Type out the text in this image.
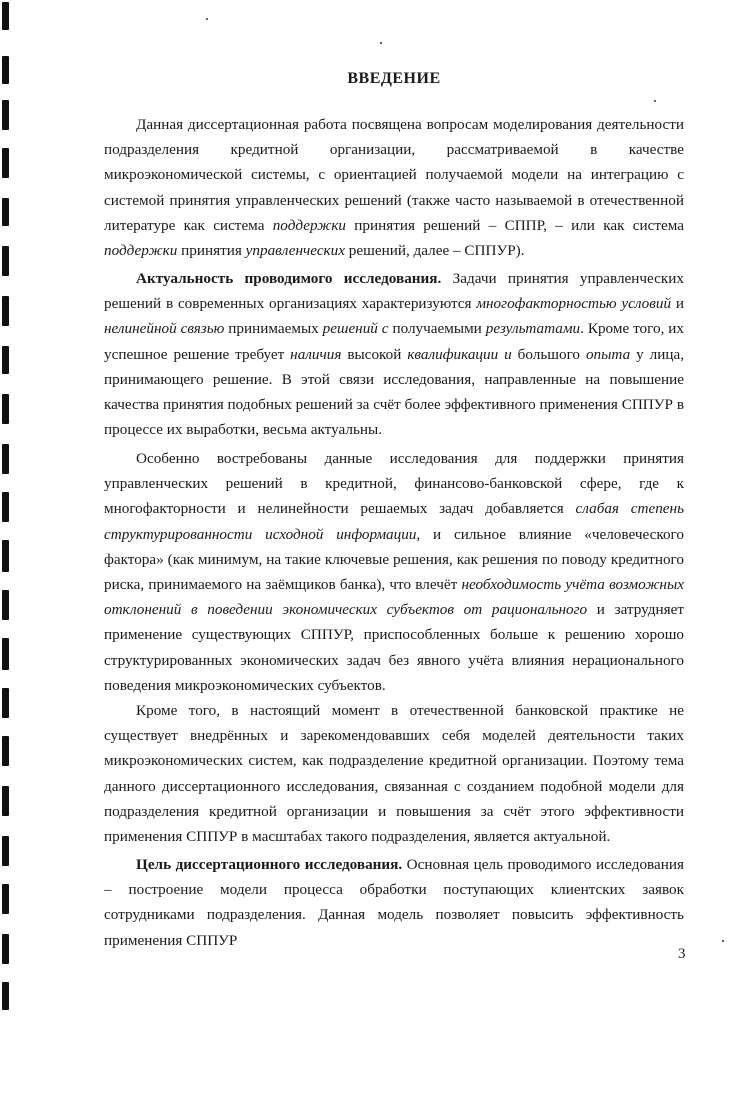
ВВЕДЕНИЕ

Данная диссертационная работа посвящена вопросам моделирования деятельности подразделения кредитной организации, рассматриваемой в качестве микроэкономической системы, с ориентацией получаемой модели на интеграцию с системой принятия управленческих решений (также часто называемой в отечественной литературе как система поддержки принятия решений – СППР, – или как система поддержки принятия управленческих решений, далее – СППУР).

Актуальность проводимого исследования. Задачи принятия управленческих решений в современных организациях характеризуются многофакторностью условий и нелинейной связью принимаемых решений с получаемыми результатами. Кроме того, их успешное решение требует наличия высокой квалификации и большого опыта у лица, принимающего решение. В этой связи исследования, направленные на повышение качества принятия подобных решений за счёт более эффективного применения СППУР в процессе их выработки, весьма актуальны.

Особенно востребованы данные исследования для поддержки принятия управленческих решений в кредитной, финансово-банковской сфере, где к многофакторности и нелинейности решаемых задач добавляется слабая степень структурированности исходной информации, и сильное влияние «человеческого фактора» (как минимум, на такие ключевые решения, как решения по поводу кредитного риска, принимаемого на заёмщиков банка), что влечёт необходимость учёта возможных отклонений в поведении экономических субъектов от рационального и затрудняет применение существующих СППУР, приспособленных больше к решению хорошо структурированных экономических задач без явного учёта влияния нерационального поведения микроэкономических субъектов.

Кроме того, в настоящий момент в отечественной банковской практике не существует внедрённых и зарекомендовавших себя моделей деятельности таких микроэкономических систем, как подразделение кредитной организации. Поэтому тема данного диссертационного исследования, связанная с созданием подобной модели для подразделения кредитной организации и повышения за счёт этого эффективности применения СППУР в масштабах такого подразделения, является актуальной.

Цель диссертационного исследования. Основная цель проводимого исследования – построение модели процесса обработки поступающих клиентских заявок сотрудниками подразделения. Данная модель позволяет повысить эффективность применения СППУР

3
